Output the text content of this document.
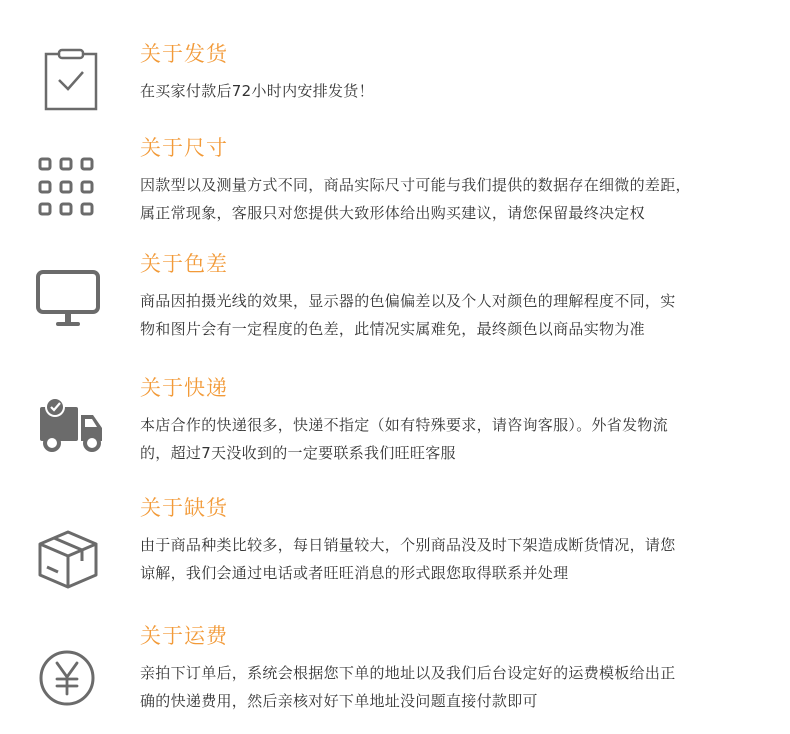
关于发货
在买家付款后72小时内安排发货！
关于尺寸
因款型以及测量方式不同，商品实际尺寸可能与我们提供的数据存在细微的差距，
属正常现象，客服只对您提供大致形体给出购买建议，请您保留最终决定权
关于色差
商品因拍摄光线的效果，显示器的色偏偏差以及个人对颜色的理解程度不同，实
物和图片会有一定程度的色差，此情况实属难免，最终颜色以商品实物为准
关于快递
本店合作的快递很多，快递不指定（如有特殊要求，请咨询客服）。外省发物流
的，超过7天没收到的一定要联系我们旺旺客服
关于缺货
由于商品种类比较多，每日销量较大，个别商品没及时下架造成断货情况，请您
谅解，我们会通过电话或者旺旺消息的形式跟您取得联系并处理
关于运费
亲拍下订单后，系统会根据您下单的地址以及我们后台设定好的运费模板给出正
确的快递费用，然后亲核对好下单地址没问题直接付款即可
